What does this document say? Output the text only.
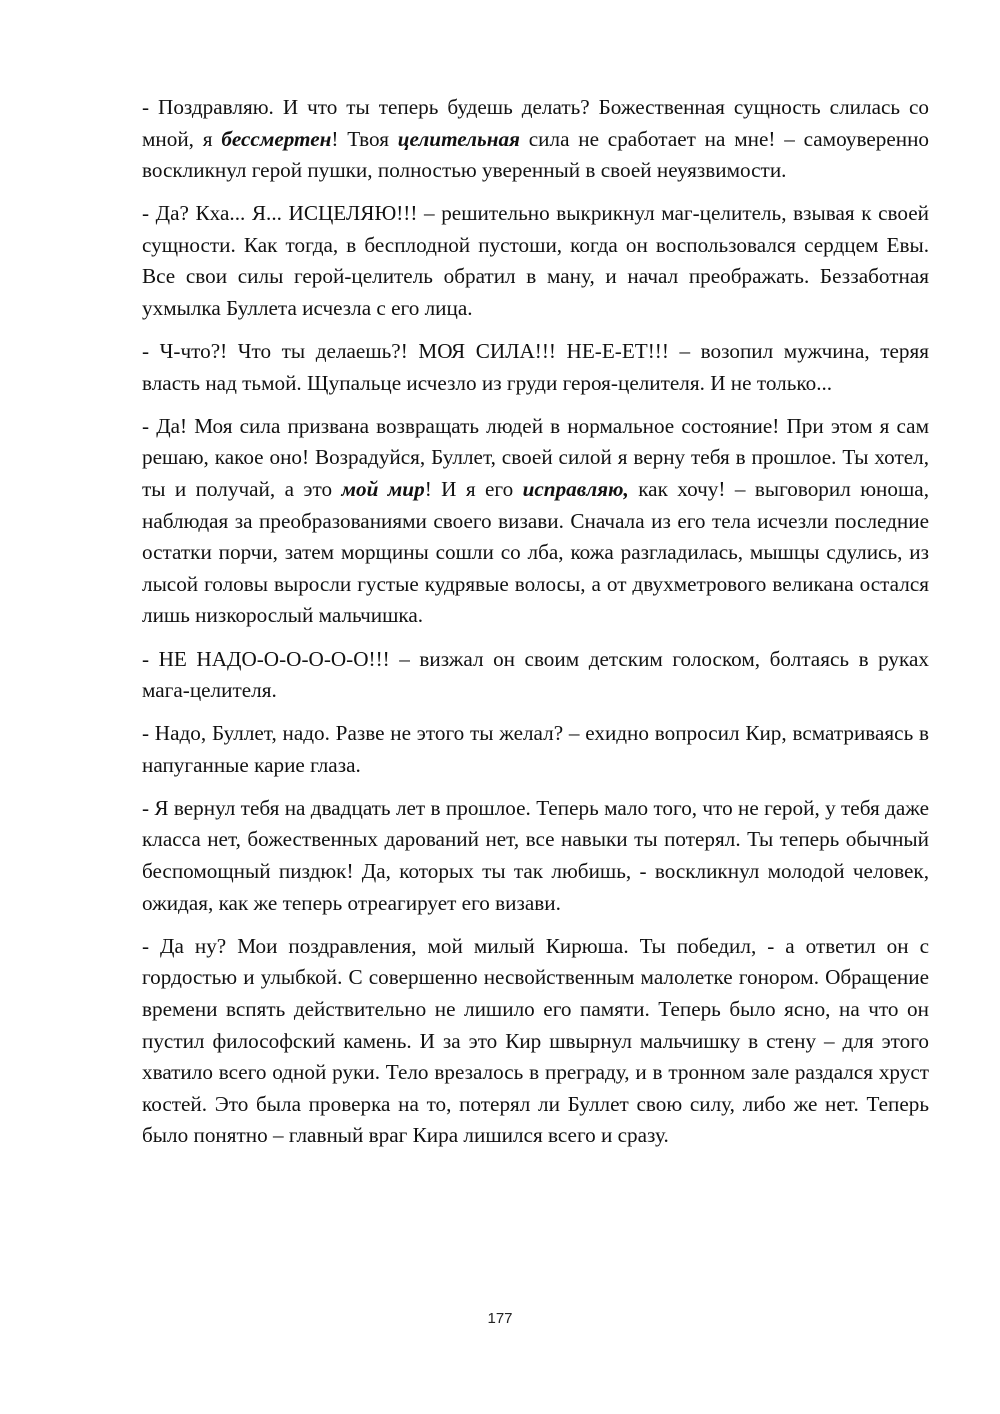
- Поздравляю. И что ты теперь будешь делать? Божественная сущность слилась со мной, я бессмертен! Твоя целительная сила не сработает на мне! – самоуверенно воскликнул герой пушки, полностью уверенный в своей неуязвимости.

- Да? Кха... Я... ИСЦЕЛЯЮ!!! – решительно выкрикнул маг-целитель, взывая к своей сущности. Как тогда, в бесплодной пустоши, когда он воспользовался сердцем Евы. Все свои силы герой-целитель обратил в ману, и начал преображать. Беззаботная ухмылка Буллета исчезла с его лица.

- Ч-что?! Что ты делаешь?! МОЯ СИЛА!!! НЕ-Е-ЕТ!!! – возопил мужчина, теряя власть над тьмой. Щупальце исчезло из груди героя-целителя. И не только...

- Да! Моя сила призвана возвращать людей в нормальное состояние! При этом я сам решаю, какое оно! Возрадуйся, Буллет, своей силой я верну тебя в прошлое. Ты хотел, ты и получай, а это мой мир! И я его исправляю, как хочу! – выговорил юноша, наблюдая за преобразованиями своего визави. Сначала из его тела исчезли последние остатки порчи, затем морщины сошли со лба, кожа разгладилась, мышцы сдулись, из лысой головы выросли густые кудрявые волосы, а от двухметрового великана остался лишь низкорослый мальчишка.

- НЕ НАДО-О-О-О-О-О!!! – визжал он своим детским голоском, болтаясь в руках мага-целителя.

- Надо, Буллет, надо. Разве не этого ты желал? – ехидно вопросил Кир, всматриваясь в напуганные карие глаза.

- Я вернул тебя на двадцать лет в прошлое. Теперь мало того, что не герой, у тебя даже класса нет, божественных дарований нет, все навыки ты потерял. Ты теперь обычный беспомощный пиздюк! Да, которых ты так любишь, - воскликнул молодой человек, ожидая, как же теперь отреагирует его визави.

- Да ну? Мои поздравления, мой милый Кирюша. Ты победил, - а ответил он с гордостью и улыбкой. С совершенно несвойственным малолетке гонором. Обращение времени вспять действительно не лишило его памяти. Теперь было ясно, на что он пустил философский камень. И за это Кир швырнул мальчишку в стену – для этого хватило всего одной руки. Тело врезалось в преграду, и в тронном зале раздался хруст костей. Это была проверка на то, потерял ли Буллет свою силу, либо же нет. Теперь было понятно – главный враг Кира лишился всего и сразу.

177
